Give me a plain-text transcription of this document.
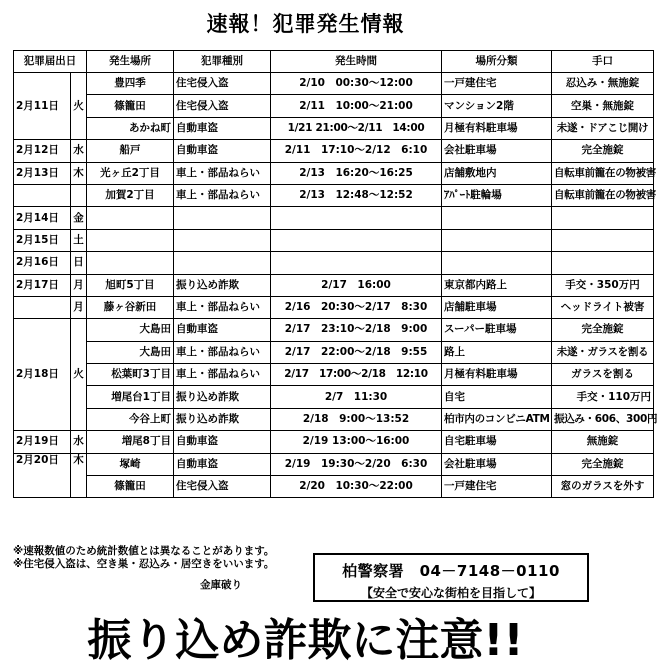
速報！犯罪発生情報
犯罪届出日		発生場所	犯罪種別	発生時間	場所分類	手口
2月11日	火	豊四季	住宅侵入盗	2/10　00:30～12:00	一戸建住宅	忍込み・無施錠
		篠籠田	住宅侵入盗	2/11　10:00～21:00	マンション2階	空巣・無施錠
		あかね町	自動車盗	1/21 21:00～2/11　14:00	月極有料駐車場	未遂・ドアこじ開け
2月12日	水	船戸	自動車盗	2/11　17:10～2/12　6:10	会社駐車場	完全施錠
2月13日	木	光ヶ丘2丁目	車上・部品ねらい	2/13　16:20～16:25	店舗敷地内	自転車前籠在の物被害
		加賀2丁目	車上・部品ねらい	2/13　12:48～12:52	ｱﾊﾟｰﾄ駐輪場	自転車前籠在の物被害
2月14日	金					
2月15日	土					
2月16日	日					
2月17日	月	旭町5丁目	振り込め詐欺	2/17　16:00	東京都内路上	手交・350万円
	月	藤ヶ谷新田	車上・部品ねらい	2/16　20:30～2/17　8:30	店舗駐車場	ヘッドライト被害
2月18日	火	大島田	自動車盗	2/17　23:10～2/18　9:00	スーパー駐車場	完全施錠
		大島田	車上・部品ねらい	2/17　22:00～2/18　9:55	路上	未遂・ガラスを割る
		松葉町3丁目	車上・部品ねらい	2/17　17:00～2/18　12:10	月極有料駐車場	ガラスを割る
		増尾台1丁目	振り込め詐欺	2/7　11:30	自宅	手交・110万円
		今谷上町	振り込め詐欺	2/18　9:00～13:52	柏市内のコンビニATM	振込み・606、300円
2月19日	水	増尾8丁目	自動車盗	2/19 13:00～16:00	自宅駐車場	無施錠
2月20日	木	塚崎	自動車盗	2/19　19:30～2/20　6:30	会社駐車場	完全施錠
		篠籠田	住宅侵入盗	2/20　10:30～22:00	一戸建住宅	窓のガラスを外す
※速報数値のため統計数値とは異なることがあります。
※住宅侵入盗は、空き巣・忍込み・居空きをいいます。
金庫破り
柏警察署　04－7148－0110
【安全で安心な街柏を目指して】
振り込め詐欺に注意!!
